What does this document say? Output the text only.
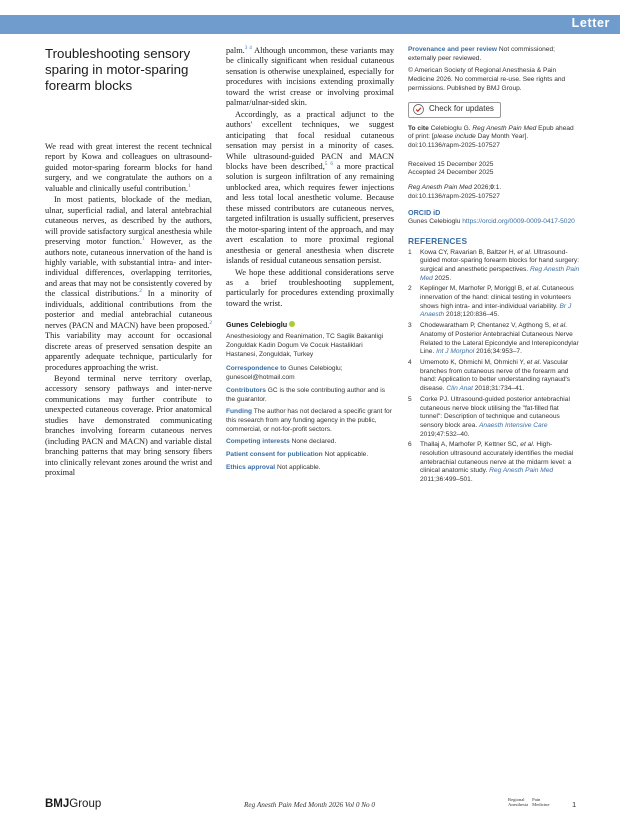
Letter
Troubleshooting sensory sparing in motor-sparing forearm blocks

We read with great interest the recent technical report by Kowa and colleagues on ultrasound-guided motor-sparing forearm blocks for hand surgery, and we congratulate the authors on a valuable and clinically useful contribution.$^1$

In most patients, blockade of the median, ulnar, superficial radial, and lateral antebrachial cutaneous nerves, as described by the authors, will provide satisfactory surgical anesthesia while preserving motor function.$^1$ However, as the authors note, cutaneous innervation of the hand is highly variable, with substantial intra- and inter-individual differences, overlapping territories, and areas that may not be consistently covered by the classical distributions.$^2$ In a minority of individuals, additional contributions from the posterior and medial antebrachial cutaneous nerves (PACN and MACN) have been proposed.$^2$ This variability may account for occasional discrete areas of preserved sensation despite an apparently adequate technique, particularly for procedures approaching the wrist.

Beyond terminal nerve territory overlap, accessory sensory pathways and inter-nerve communications may further contribute to unexpected cutaneous coverage. Prior anatomical studies have demonstrated communicating branches involving forearm cutaneous nerves (including PACN and MACN) and variable distal branching patterns that may bring sensory fibers into clinically relevant zones around the wrist and proximal

palm.$^{3 4}$ Although uncommon, these variants may be clinically significant when residual cutaneous sensation is otherwise unexplained, especially for procedures with incisions extending proximally toward the wrist crease or involving proximal palmar/ulnar-sided skin.

Accordingly, as a practical adjunct to the authors' excellent techniques, we suggest anticipating that focal residual cutaneous sensation may persist in a minority of cases. While ultrasound-guided PACN and MACN blocks have been described,$^{5 6}$ a more practical solution is surgeon infiltration of any remaining unblocked area, which requires fewer injections and less total local anesthetic volume. Because these missed contributors are cutaneous nerves, targeted infiltration is usually sufficient, preserves the motor-sparing intent of the approach, and may avert escalation to more proximal regional anesthesia or general anesthesia when discrete islands of residual cutaneous sensation persist.

We hope these additional considerations serve as a brief troubleshooting supplement, particularly for procedures extending proximally toward the wrist.

Gunes Celebioglu
Anesthesiology and Reanimation, TC Saglik Bakanligi Zonguldak Kadin Dogum Ve Cocuk Hastaliklari Hastanesi, Zonguldak, Turkey
Correspondence to Gunes Celebioglu; gunescel@hotmail.com
Contributors GC is the sole contributing author and is the guarantor.
Funding The author has not declared a specific grant for this research from any funding agency in the public, commercial, or not-for-profit sectors.
Competing interests None declared.
Patient consent for publication Not applicable.
Ethics approval Not applicable.
Provenance and peer review Not commissioned; externally peer reviewed.
© American Society of Regional Anesthesia & Pain Medicine 2026. No commercial re-use. See rights and permissions. Published by BMJ Group.
Check for updates
To cite Celebioglu G. Reg Anesth Pain Med Epub ahead of print: [please include Day Month Year]. doi:10.1136/rapm-2025-107527
Received 15 December 2025
Accepted 24 December 2025
Reg Anesth Pain Med 2026;0:1.
doi:10.1136/rapm-2025-107527
ORCID iD
Gunes Celebioglu https://orcid.org/0009-0009-0417-5020
REFERENCES
1	Kowa CY, Ravarian B, Baltzer H, et al. Ultrasound-guided motor-sparing forearm blocks for hand surgery: surgical and anesthetic perspectives. Reg Anesth Pain Med 2025.
2	Keplinger M, Marhofer P, Moriggl B, et al. Cutaneous innervation of the hand: clinical testing in volunteers shows high intra- and inter-individual variability. Br J Anaesth 2018;120:836–45.
3	Chodewaratham P, Chentanez V, Agthong S, et al. Anatomy of Posterior Antebrachial Cutaneous Nerve Related to the Lateral Epicondyle and Interepicondylar Line. Int J Morphol 2016;34:953–7.
4	Umemoto K, Ohmichi M, Ohmichi Y, et al. Vascular branches from cutaneous nerve of the forearm and hand: Application to better understanding raynaud's disease. Clin Anat 2018;31:734–41.
5	Corke PJ. Ultrasound-guided posterior antebrachial cutaneous nerve block utilising the "fat-filled flat tunnel": Description of technique and cutaneous sensory block area. Anaesth Intensive Care 2019;47:532–40.
6	Thallaj A, Marhofer P, Kettner SC, et al. High-resolution ultrasound accurately identifies the medial antebrachial cutaneous nerve at the midarm level: a clinical anatomic study. Reg Anesth Pain Med 2011;36:499–501.
BMJGroup	Reg Anesth Pain Med Month 2026 Vol 0 No 0
Regional
Anesthesia
Pain
Medicine	1
